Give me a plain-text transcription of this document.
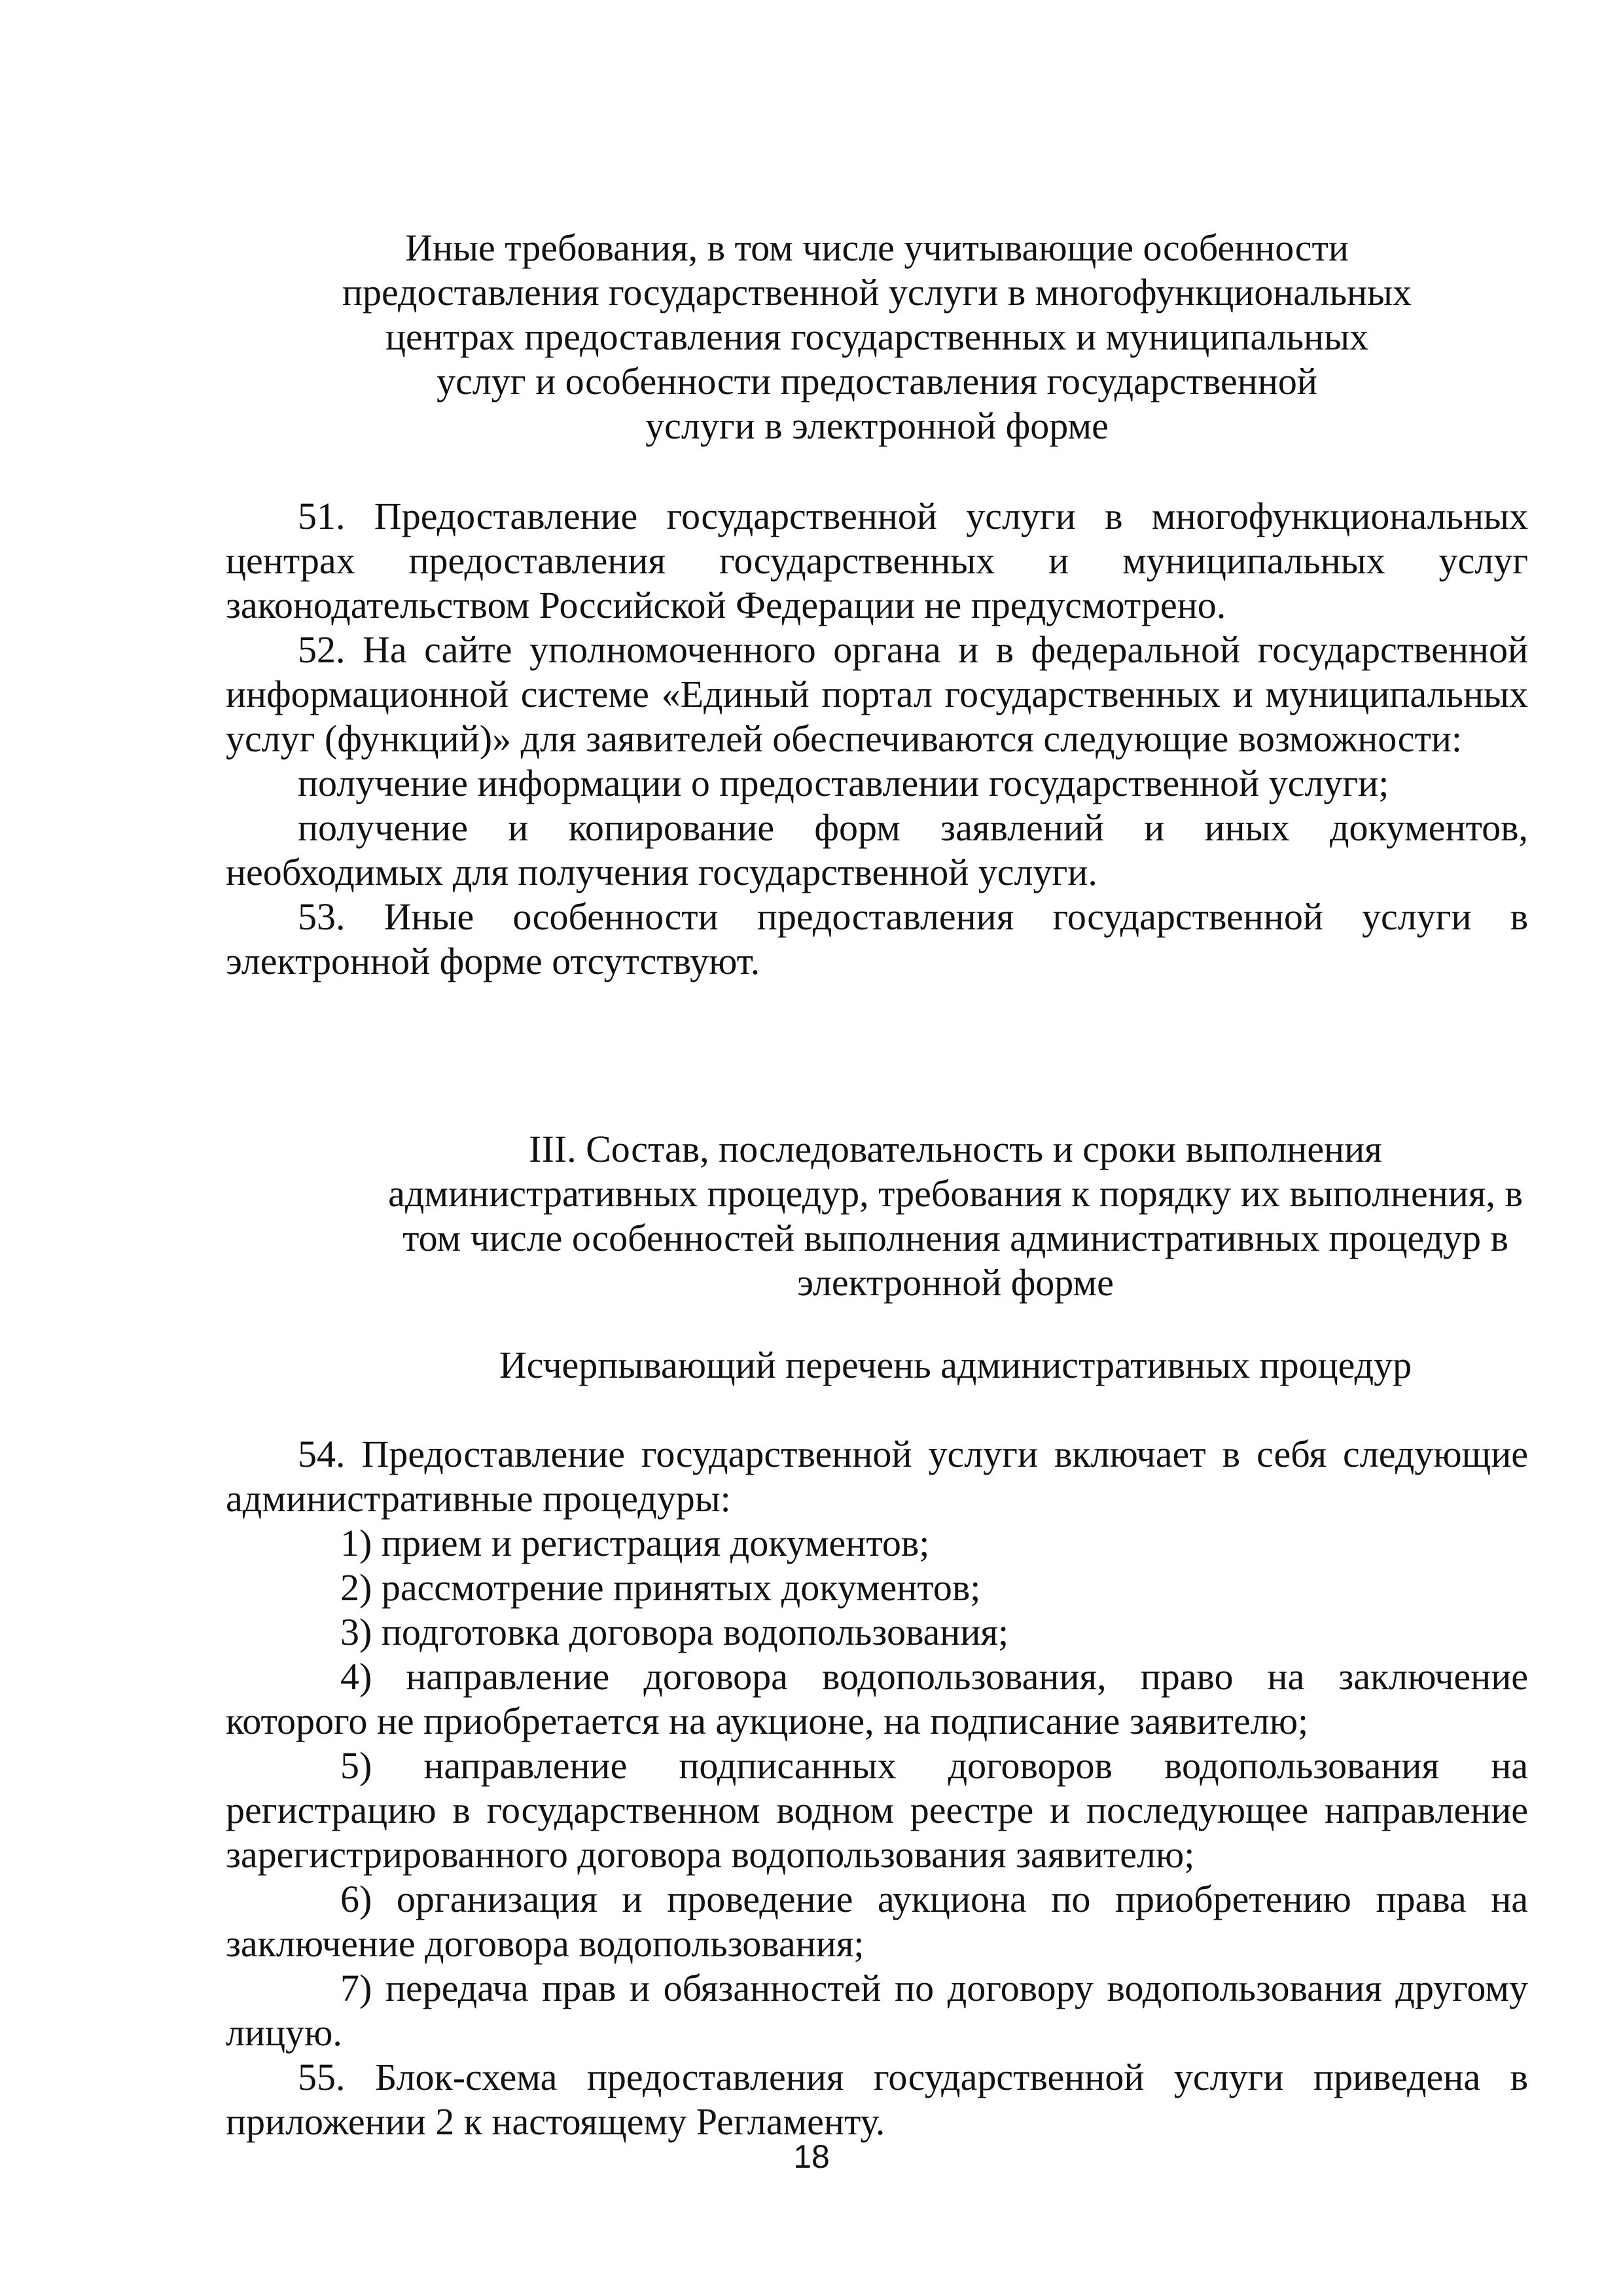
Иные требования, в том числе учитывающие особенности
предоставления государственной услуги в многофункциональных
центрах предоставления государственных и муниципальных
услуг и особенности предоставления государственной
услуги в электронной форме

51. Предоставление государственной услуги в многофункциональных центрах предоставления государственных и муниципальных услуг законодательством Российской Федерации не предусмотрено.

52. На сайте уполномоченного органа и в федеральной государственной информационной системе «Единый портал государственных и муниципальных услуг (функций)» для заявителей обеспечиваются следующие возможности:

получение информации о предоставлении государственной услуги;

получение и копирование форм заявлений и иных документов, необходимых для получения государственной услуги.

53. Иные особенности предоставления государственной услуги в электронной форме отсутствуют.

III. Состав, последовательность и сроки выполнения
административных процедур, требования к порядку их выполнения, в
том числе особенностей выполнения административных процедур в
электронной форме
Исчерпывающий перечень административных процедур

54. Предоставление государственной услуги включает в себя следующие административные процедуры:

1) прием и регистрация документов;

2) рассмотрение принятых документов;

3) подготовка договора водопользования;

4) направление договора водопользования, право на заключение которого не приобретается на аукционе, на подписание заявителю;

5) направление подписанных договоров водопользования на регистрацию в государственном водном реестре и последующее направление зарегистрированного договора водопользования заявителю;

6) организация и проведение аукциона по приобретению права на заключение договора водопользования;

7) передача прав и обязанностей по договору водопользования другому лицую.

55. Блок-схема предоставления государственной услуги приведена в приложении 2 к настоящему Регламенту.

18
